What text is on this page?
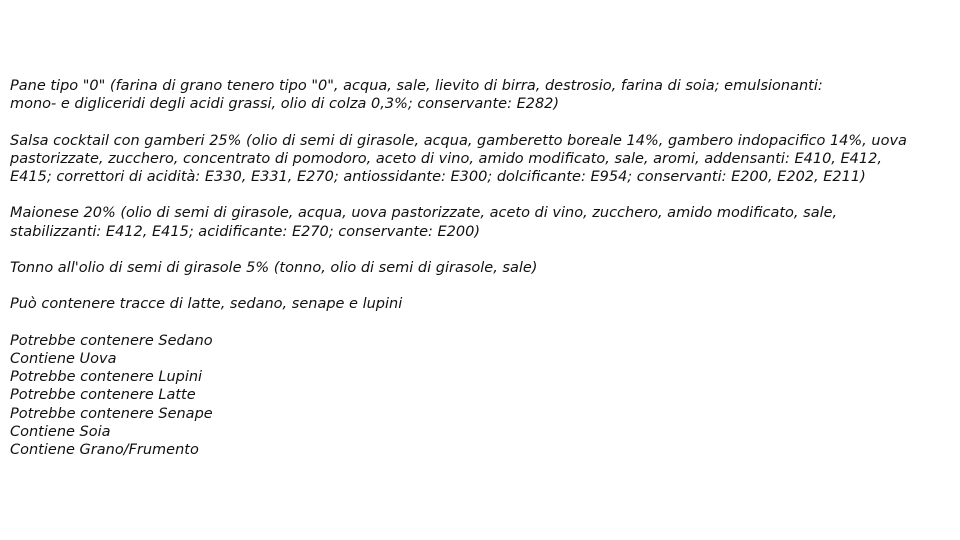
Pane tipo "0" (farina di grano tenero tipo "0", acqua, sale, lievito di birra, destrosio, farina di soia; emulsionanti:
mono- e digliceridi degli acidi grassi, olio di colza 0,3%; conservante: E282)

Salsa cocktail con gamberi 25% (olio di semi di girasole, acqua, gamberetto boreale 14%, gambero indopacifico 14%, uova
pastorizzate, zucchero, concentrato di pomodoro, aceto di vino, amido modificato, sale, aromi, addensanti: E410, E412,
E415; correttori di acidità: E330, E331, E270; antiossidante: E300; dolcificante: E954; conservanti: E200, E202, E211)

Maionese 20% (olio di semi di girasole, acqua, uova pastorizzate, aceto di vino, zucchero, amido modificato, sale,
stabilizzanti: E412, E415; acidificante: E270; conservante: E200)

Tonno all'olio di semi di girasole 5% (tonno, olio di semi di girasole, sale)

Può contenere tracce di latte, sedano, senape e lupini

Potrebbe contenere Sedano
Contiene Uova
Potrebbe contenere Lupini
Potrebbe contenere Latte
Potrebbe contenere Senape
Contiene Soia
Contiene Grano/Frumento
